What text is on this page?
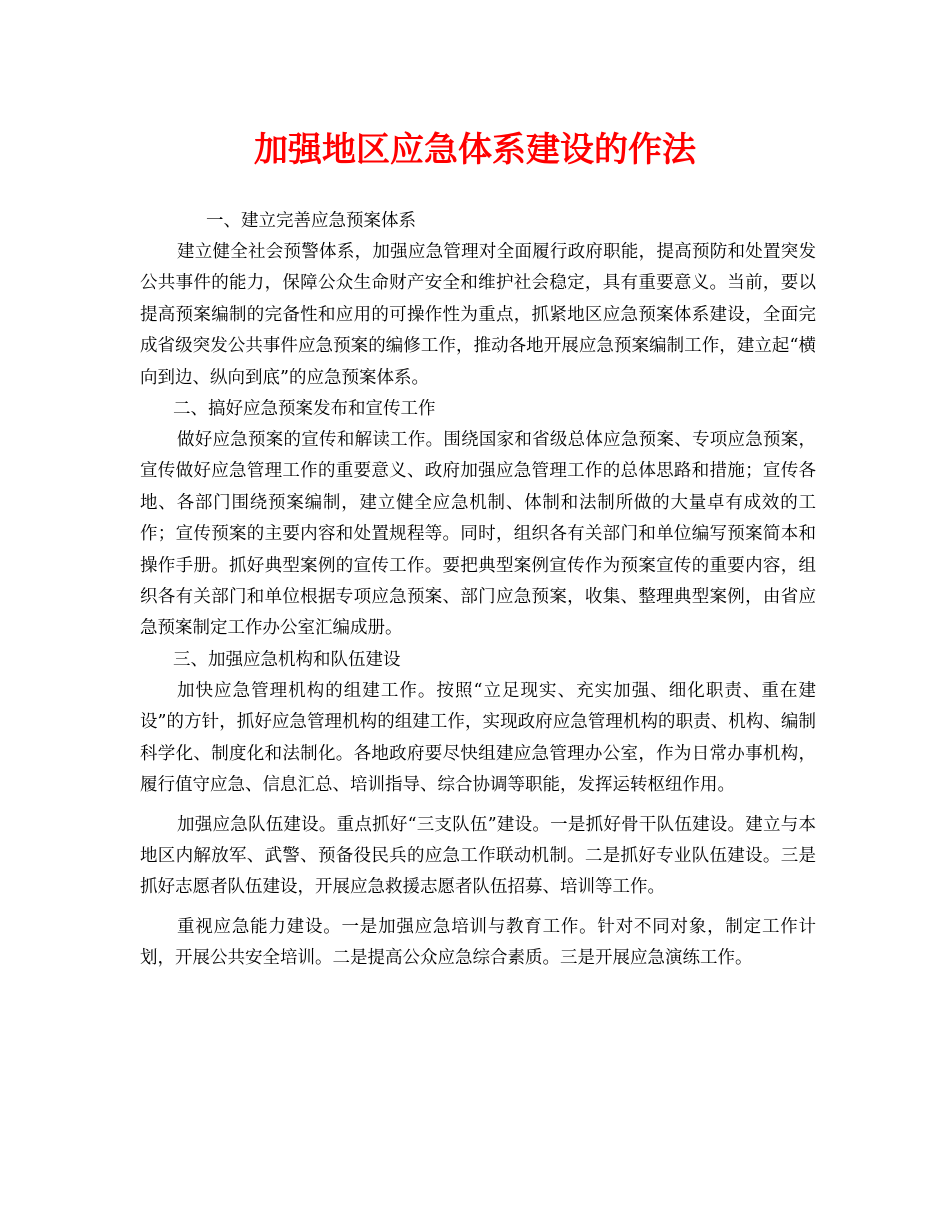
加强地区应急体系建设的作法

一、建立完善应急预案体系

建立健全社会预警体系，加强应急管理对全面履行政府职能，提高预防和处置突发公共事件的能力，保障公众生命财产安全和维护社会稳定，具有重要意义。当前，要以提高预案编制的完备性和应用的可操作性为重点，抓紧地区应急预案体系建设，全面完成省级突发公共事件应急预案的编修工作，推动各地开展应急预案编制工作，建立起“横向到边、纵向到底”的应急预案体系。

二、搞好应急预案发布和宣传工作

做好应急预案的宣传和解读工作。围绕国家和省级总体应急预案、专项应急预案，宣传做好应急管理工作的重要意义、政府加强应急管理工作的总体思路和措施；宣传各地、各部门围绕预案编制，建立健全应急机制、体制和法制所做的大量卓有成效的工作；宣传预案的主要内容和处置规程等。同时，组织各有关部门和单位编写预案简本和操作手册。抓好典型案例的宣传工作。要把典型案例宣传作为预案宣传的重要内容，组织各有关部门和单位根据专项应急预案、部门应急预案，收集、整理典型案例，由省应急预案制定工作办公室汇编成册。

三、加强应急机构和队伍建设

加快应急管理机构的组建工作。按照“立足现实、充实加强、细化职责、重在建设”的方针，抓好应急管理机构的组建工作，实现政府应急管理机构的职责、机构、编制科学化、制度化和法制化。各地政府要尽快组建应急管理办公室，作为日常办事机构，履行值守应急、信息汇总、培训指导、综合协调等职能，发挥运转枢纽作用。

加强应急队伍建设。重点抓好“三支队伍”建设。一是抓好骨干队伍建设。建立与本地区内解放军、武警、预备役民兵的应急工作联动机制。二是抓好专业队伍建设。三是抓好志愿者队伍建设，开展应急救援志愿者队伍招募、培训等工作。

重视应急能力建设。一是加强应急培训与教育工作。针对不同对象，制定工作计划，开展公共安全培训。二是提高公众应急综合素质。三是开展应急演练工作。
